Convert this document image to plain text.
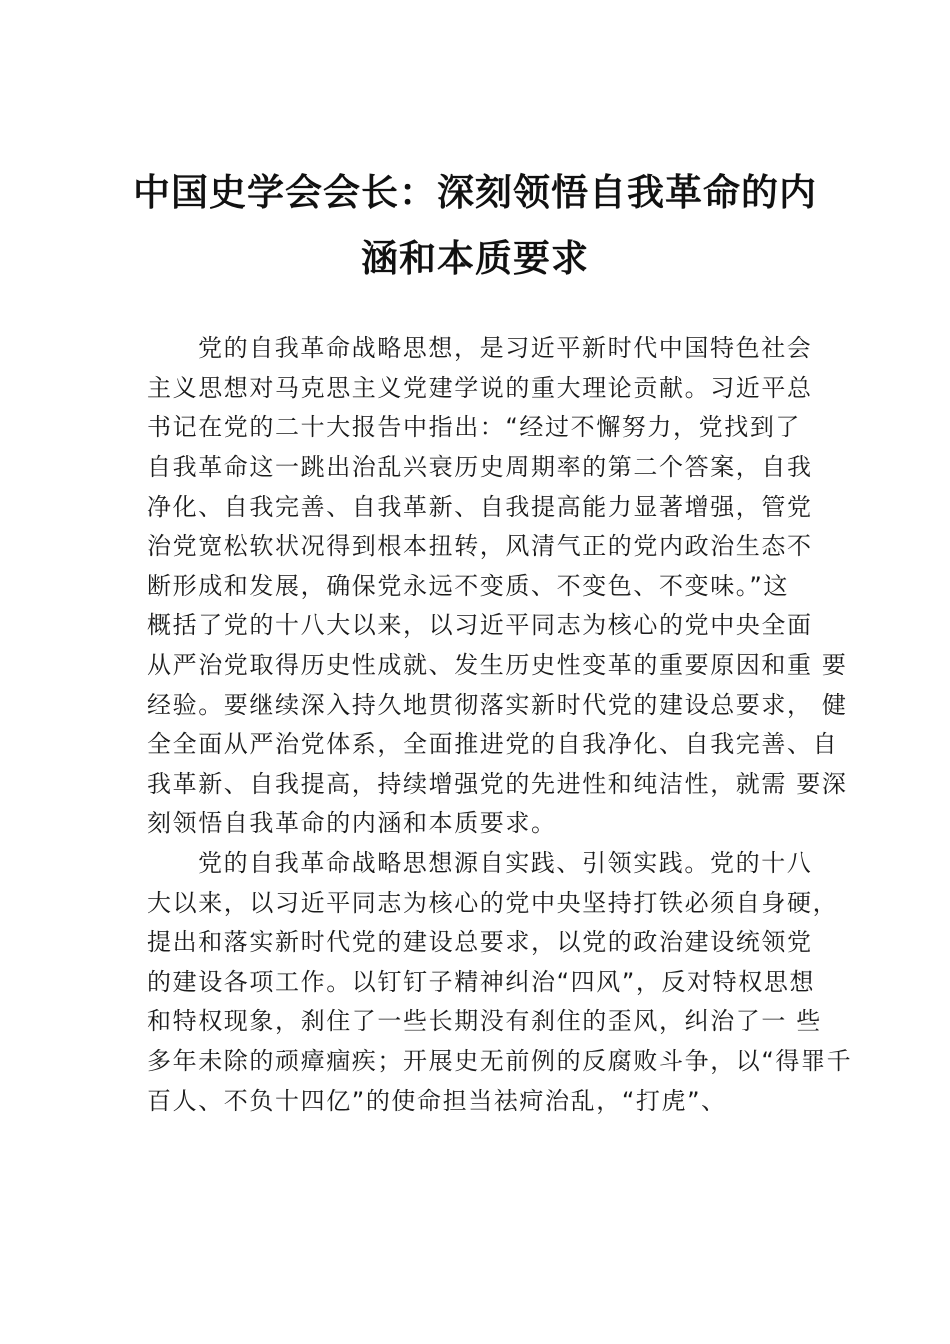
中国史学会会长：深刻领悟自我革命的内
涵和本质要求
党的自我革命战略思想，是习近平新时代中国特色社会
主义思想对马克思主义党建学说的重大理论贡献。习近平总
书记在党的二十大报告中指出：“经过不懈努力，党找到了
自我革命这一跳出治乱兴衰历史周期率的第二个答案，自我
净化、自我完善、自我革新、自我提高能力显著增强，管党
治党宽松软状况得到根本扭转，风清气正的党内政治生态不
断形成和发展，确保党永远不变质、不变色、不变味。”这
概括了党的十八大以来，以习近平同志为核心的党中央全面
从严治党取得历史性成就、发生历史性变革的重要原因和重 要
经验。要继续深入持久地贯彻落实新时代党的建设总要求， 健
全全面从严治党体系，全面推进党的自我净化、自我完善、自
我革新、自我提高，持续增强党的先进性和纯洁性，就需 要深
刻领悟自我革命的内涵和本质要求。
党的自我革命战略思想源自实践、引领实践。党的十八
大以来，以习近平同志为核心的党中央坚持打铁必须自身硬，
提出和落实新时代党的建设总要求，以党的政治建设统领党
的建设各项工作。以钉钉子精神纠治“四风”，反对特权思想
和特权现象，刹住了一些长期没有刹住的歪风，纠治了一 些
多年未除的顽瘴痼疾；开展史无前例的反腐败斗争，以“得罪千
百人、不负十四亿”的使命担当祛疴治乱，“打虎”、
